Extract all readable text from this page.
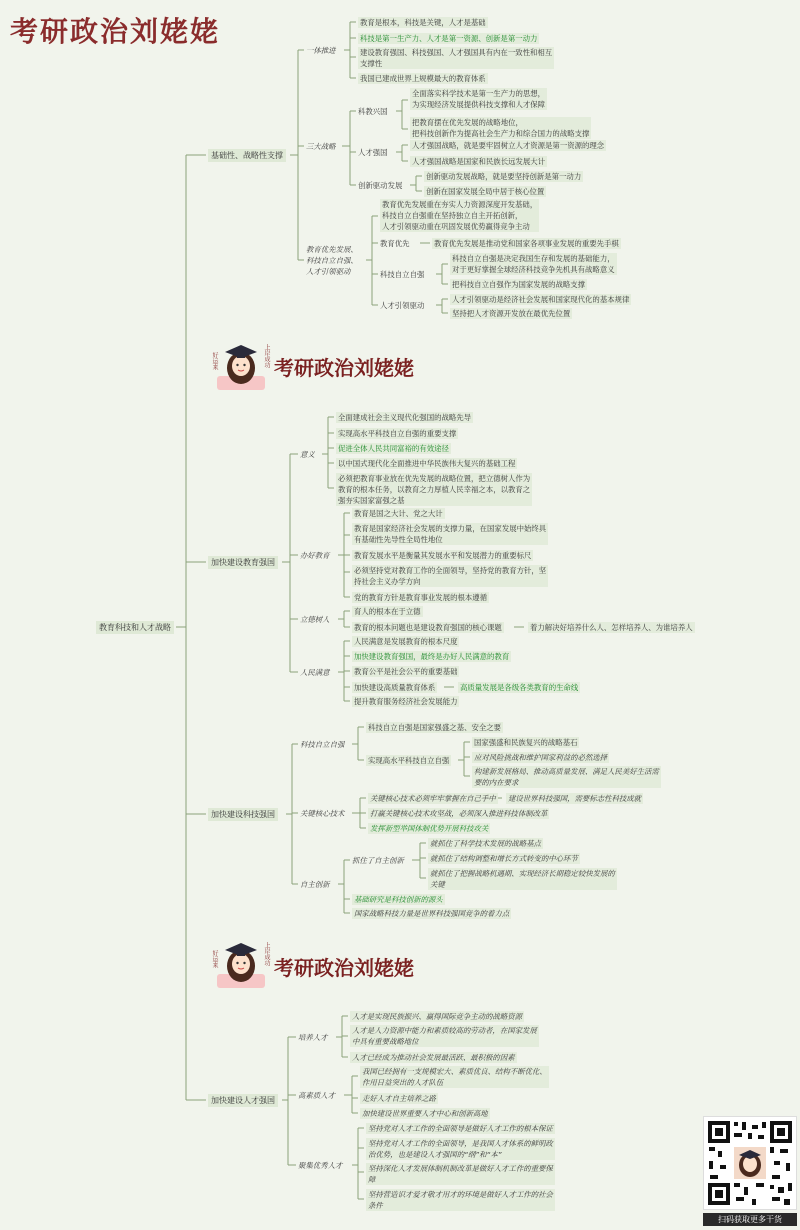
考研政治刘姥姥
教育科技和人才战略
基础性、战略性支撑
加快建设教育强国
加快建设科技强国
加快建设人才强国
一体推进
教育是根本，科技是关键，人才是基础
科技是第一生产力、人才是第一资源、创新是第一动力
建设教育强国、科技强国、人才强国具有内在一致性和相互
支撑性
我国已建成世界上规模最大的教育体系
三大战略
科教兴国
全面落实科学技术是第一生产力的思想，
为实现经济发展提供科技支撑和人才保障
把教育摆在优先发展的战略地位，
把科技创新作为提高社会生产力和综合国力的战略支撑
人才强国
人才强国战略，就是要牢固树立人才资源是第一资源的理念
人才强国战略是国家和民族长远发展大计
创新驱动发展
创新驱动发展战略，就是要坚持创新是第一动力
创新在国家发展全局中居于核心位置
教育优先发展、
科技自立自强、
人才引领驱动
教育优先发展重在夯实人力资源深度开发基础，
科技自立自强重在坚持独立自主开拓创新，
人才引领驱动重在巩固发展优势赢得竞争主动
教育优先	教育优先发展是推动党和国家各项事业发展的重要先手棋
科技自立自强
科技自立自强是决定我国生存和发展的基础能力，
对于更好掌握全球经济科技竞争先机具有战略意义
把科技自立自强作为国家发展的战略支撑
人才引领驱动
人才引领驱动是经济社会发展和国家现代化的基本规律
坚持把人才资源开发放在最优先位置
上岸成功
好运来	考研政治刘姥姥
意义
全面建成社会主义现代化强国的战略先导
实现高水平科技自立自强的重要支撑
促进全体人民共同富裕的有效途径
以中国式现代化全面推进中华民族伟大复兴的基础工程
必须把教育事业放在优先发展的战略位置，把立德树人作为
教育的根本任务，以教育之力厚植人民幸福之本，以教育之
强夯实国家富强之基
办好教育
教育是国之大计、党之大计
教育是国家经济社会发展的支撑力量，在国家发展中始终具
有基础性先导性全局性地位
教育发展水平是衡量其发展水平和发展潜力的重要标尺
必须坚持党对教育工作的全面领导，坚持党的教育方针，坚
持社会主义办学方向
党的教育方针是教育事业发展的根本遵循
立德树人
育人的根本在于立德
教育的根本问题也是建设教育强国的核心课题	着力解决好培养什么人、怎样培养人、为谁培养人
人民满意
人民满意是发展教育的根本尺度
加快建设教育强国，最终是办好人民满意的教育
教育公平是社会公平的重要基础
加快建设高质量教育体系	高质量发展是各级各类教育的生命线
提升教育服务经济社会发展能力
科技自立自强
科技自立自强是国家强盛之基、安全之要
实现高水平科技自立自强
国家强盛和民族复兴的战略基石
应对风险挑战和维护国家利益的必然选择
构建新发展格局、推动高质量发展、满足人民美好生活需
要的内在要求
关键核心技术
关键核心技术必须牢牢掌握在自己手中 建设世界科技强国，需要标志性科技成就
打赢关键核心技术攻坚战，必须深入推进科技体制改革
发挥新型举国体制优势开展科技攻关
自主创新
抓住了自主创新
就抓住了科学技术发展的战略基点
就抓住了结构调整和增长方式转变的中心环节
就抓住了把握战略机遇期、实现经济长期稳定较快发展的
关键
基础研究是科技创新的源头
国家战略科技力量是世界科技强国竞争的着力点
上岸成功
好运来	考研政治刘姥姥
培养人才
人才是实现民族振兴、赢得国际竞争主动的战略资源
人才是人力资源中能力和素质较高的劳动者，在国家发展
中具有重要战略地位
人才已经成为推动社会发展最活跃、最积极的因素
高素质人才
我国已经拥有一支规模宏大、素质优良、结构不断优化、
作用日益突出的人才队伍
走好人才自主培养之路
加快建设世界重要人才中心和创新高地
聚集优秀人才
坚持党对人才工作的全面领导是做好人才工作的根本保证
坚持党对人才工作的全面领导，是我国人才体系的鲜明政
治优势，也是建设人才强国的“纲”和“本”
坚持深化人才发展体制机制改革是做好人才工作的重要保
障
坚持营造识才爱才敬才用才的环境是做好人才工作的社会
条件
扫码获取更多干货
